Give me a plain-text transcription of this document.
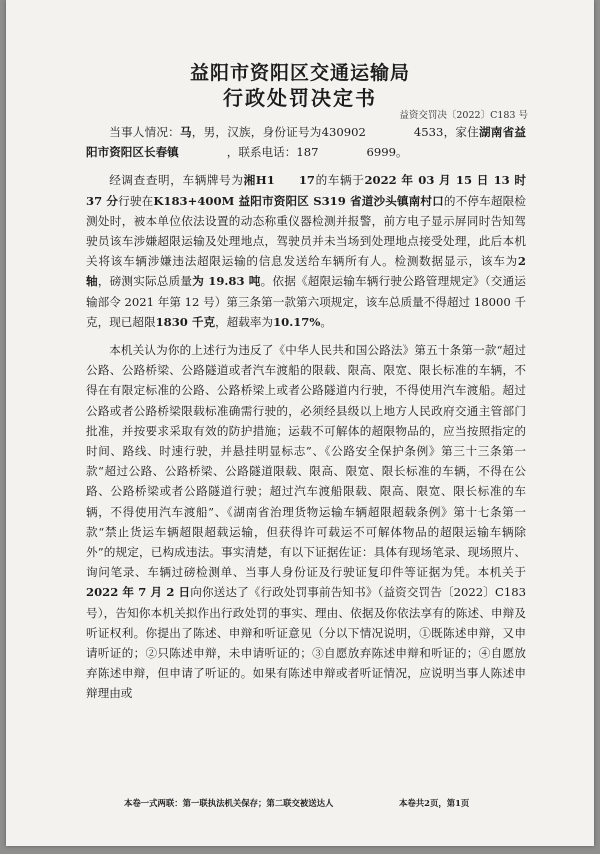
益阳市资阳区交通运输局
行政处罚决定书
益资交罚决〔2022〕C183 号

当事人情况：马，男，汉族，身份证号为430902	4533，家住湖南省益阳市资阳区长春镇	，联系电话：187	6999。

经调查查明，车辆牌号为湘H1 17的车辆于2022 年 03 月 15 日 13 时 37 分行驶在K183+400M 益阳市资阳区 S319 省道沙头镇南村口的不停车超限检测处时，被本单位依法设置的动态称重仪器检测并报警，前方电子显示屏同时告知驾驶员该车涉嫌超限运输及处理地点，驾驶员并未当场到处理地点接受处理，此后本机关将该车辆涉嫌违法超限运输的信息发送给车辆所有人。检测数据显示，该车为2 轴，磅测实际总质量为 19.83 吨。依据《超限运输车辆行驶公路管理规定》（交通运输部令 2021 年第 12 号）第三条第一款第六项规定，该车总质量不得超过 18000 千克，现已超限1830 千克，超载率为10.17%。

本机关认为你的上述行为违反了《中华人民共和国公路法》第五十条第一款“超过公路、公路桥梁、公路隧道或者汽车渡船的限载、限高、限宽、限长标准的车辆，不得在有限定标准的公路、公路桥梁上或者公路隧道内行驶，不得使用汽车渡船。超过公路或者公路桥梁限载标准确需行驶的，必须经县级以上地方人民政府交通主管部门批准，并按要求采取有效的防护措施；运载不可解体的超限物品的，应当按照指定的时间、路线、时速行驶，并悬挂明显标志”、《公路安全保护条例》第三十三条第一款“超过公路、公路桥梁、公路隧道限载、限高、限宽、限长标准的车辆，不得在公路、公路桥梁或者公路隧道行驶；超过汽车渡船限载、限高、限宽、限长标准的车辆，不得使用汽车渡船”、《湖南省治理货物运输车辆超限超载条例》第十七条第一款“禁止货运车辆超限超载运输，但获得许可载运不可解体物品的超限运输车辆除外”的规定，已构成违法。事实清楚，有以下证据佐证：具体有现场笔录、现场照片、询问笔录、车辆过磅检测单、当事人身份证及行驶证复印件等证据为凭。本机关于2022 年 7 月 2 日向你送达了《行政处罚事前告知书》（益资交罚告〔2022〕C183 号），告知你本机关拟作出行政处罚的事实、理由、依据及你依法享有的陈述、申辩及听证权利。你提出了陈述、申辩和听证意见（分以下情况说明，①既陈述申辩，又申请听证的；②只陈述申辩，未申请听证的；③自愿放弃陈述申辩和听证的；④自愿放弃陈述申辩，但申请了听证的。如果有陈述申辩或者听证情况，应说明当事人陈述申辩理由或

本卷一式两联：第一联执法机关保存；第二联交被送达人	本卷共2页，第1页
